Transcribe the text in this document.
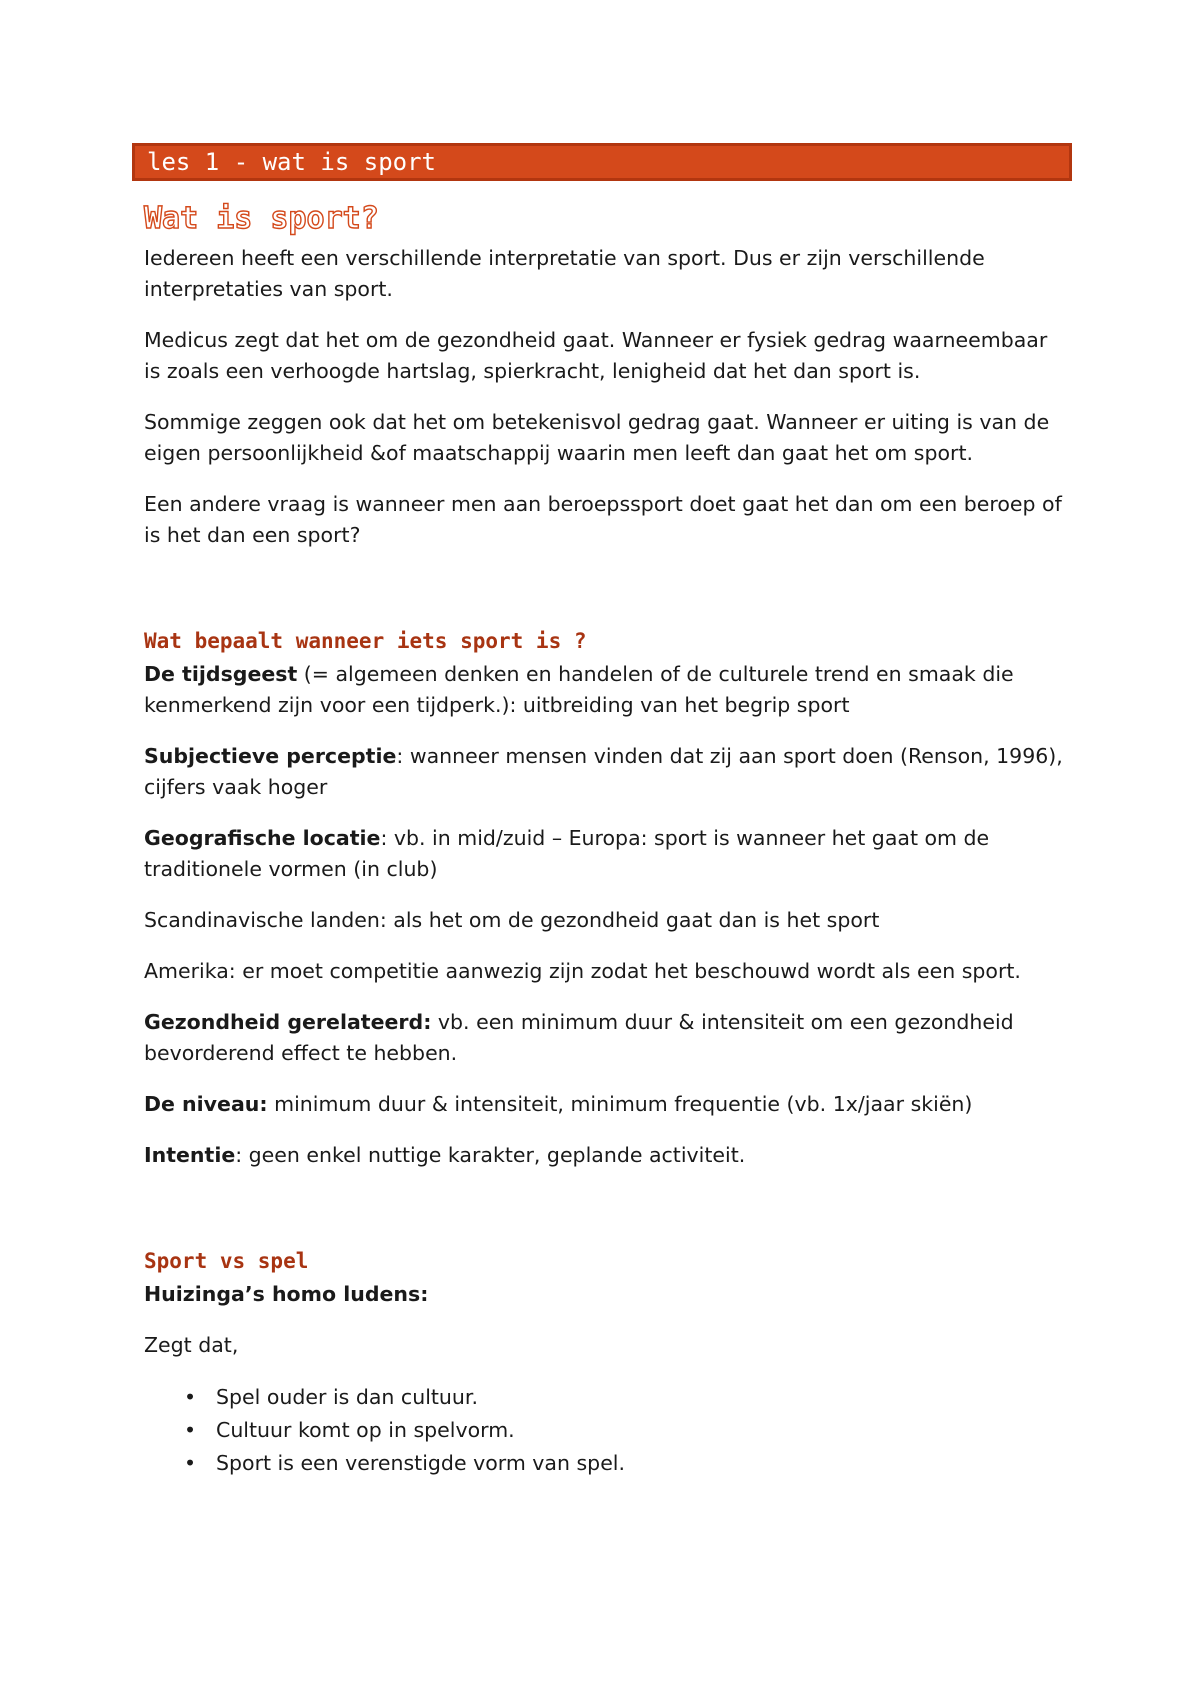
les 1 - wat is sport
Wat is sport?

Iedereen heeft een verschillende interpretatie van sport. Dus er zijn verschillende interpretaties van sport.

Medicus zegt dat het om de gezondheid gaat. Wanneer er fysiek gedrag waarneembaar is zoals een verhoogde hartslag, spierkracht, lenigheid dat het dan sport is.

Sommige zeggen ook dat het om betekenisvol gedrag gaat. Wanneer er uiting is van de eigen persoonlijkheid &of maatschappij waarin men leeft dan gaat het om sport.

Een andere vraag is wanneer men aan beroepssport doet gaat het dan om een beroep of is het dan een sport?

Wat bepaalt wanneer iets sport is ?

De tijdsgeest (= algemeen denken en handelen of de culturele trend en smaak die kenmerkend zijn voor een tijdperk.): uitbreiding van het begrip sport

Subjectieve perceptie: wanneer mensen vinden dat zij aan sport doen (Renson, 1996), cijfers vaak hoger

Geografische locatie: vb. in mid/zuid – Europa: sport is wanneer het gaat om de traditionele vormen (in club)

Scandinavische landen: als het om de gezondheid gaat dan is het sport

Amerika: er moet competitie aanwezig zijn zodat het beschouwd wordt als een sport.

Gezondheid gerelateerd: vb. een minimum duur & intensiteit om een gezondheid bevorderend effect te hebben.

De niveau: minimum duur & intensiteit, minimum frequentie (vb. 1x/jaar skiën)

Intentie: geen enkel nuttige karakter, geplande activiteit.

Sport vs spel

Huizinga’s homo ludens:

Zegt dat,

• Spel ouder is dan cultuur.
• Cultuur komt op in spelvorm.
• Sport is een verenstigde vorm van spel.
